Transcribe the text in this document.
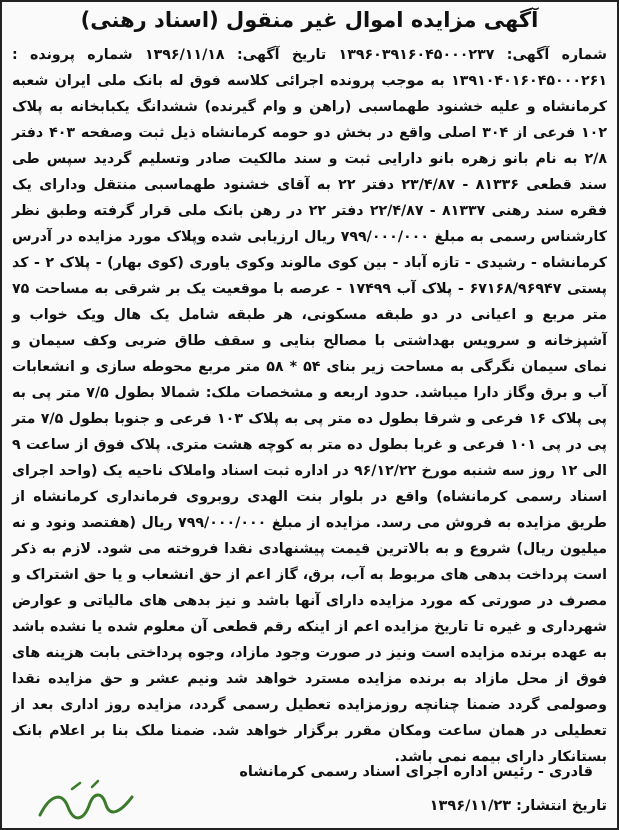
آگهی مزایده اموال غیر منقول (اسناد رهنی)
شماره آگهی: ۱۳۹۶۰۳۹۱۶۰۴۵۰۰۰۲۳۷ تاریخ آگهی: ۱۳۹۶/۱۱/۱۸ شماره پرونده : ۱۳۹۱۰۴۰۱۶۰۴۵۰۰۰۲۶۱ به موجب پرونده اجرائی کلاسه فوق له بانک ملی ایران شعبه کرمانشاه و علیه خشنود طهماسبی (راهن و وام گیرنده) ششدانگ یکبابخانه به پلاک ۱۰۲ فرعی از ۳۰۴ اصلی واقع در بخش دو حومه کرمانشاه ذیل ثبت وصفحه ۴۰۳ دفتر ۲/۸ به نام بانو زهره بانو دارایی ثبت و سند مالکیت صادر وتسلیم گردید سپس طی سند قطعی ۸۱۳۳۶ - ۲۳/۴/۸۷ دفتر ۲۲ به آقای خشنود طهماسبی منتقل ودارای یک فقره سند رهنی ۸۱۳۳۷ - ۲۲/۴/۸۷ دفتر ۲۲ در رهن بانک ملی قرار گرفته وطبق نظر کارشناس رسمی به مبلغ ۷۹۹/۰۰۰/۰۰۰ ریال ارزیابی شده وپلاک مورد مزایده در آدرس کرمانشاه - رشیدی - تازه آباد - بین کوی مالوند وکوی یاوری (کوی بهار) - پلاک ۲ - کد پستی ۶۷۱۶۸/۹۶۹۴۷ - پلاک آب ۱۷۴۹۹ - عرصه با موقعیت یک بر شرقی به مساحت ۷۵ متر مربع و اعیانی در دو طبقه مسکونی، هر طبقه شامل یک هال ویک خواب و آشپزخانه و سرویس بهداشتی با مصالح بنایی و سقف طاق ضربی وکف سیمان و نمای سیمان نگرگی به مساحت زیر بنای ۵۴ * ۵۸ متر مربع محوطه سازی و انشعابات آب و برق وگاز دارا میباشد. حدود اربعه و مشخصات ملک: شمالا بطول ۷/۵ متر پی به پی پلاک ۱۶ فرعی و شرقا بطول ده متر پی به پلاک ۱۰۳ فرعی و جنوبا بطول ۷/۵ متر پی در پی ۱۰۱ فرعی و غربا بطول ده متر به کوچه هشت متری. پلاک فوق از ساعت ۹ الی ۱۲ روز سه شنبه مورخ ۹۶/۱۲/۲۲ در اداره ثبت اسناد واملاک ناحیه یک (واحد اجرای اسناد رسمی کرمانشاه) واقع در بلوار بنت الهدی روبروی فرمانداری کرمانشاه از طریق مزایده به فروش می رسد. مزایده از مبلغ ۷۹۹/۰۰۰/۰۰۰ ریال (هفتصد ونود و نه میلیون ریال) شروع و به بالاترین قیمت پیشنهادی نقدا فروخته می شود. لازم به ذکر است پرداخت بدهی های مربوط به آب، برق، گاز اعم از حق انشعاب و یا حق اشتراک و مصرف در صورتی که مورد مزایده دارای آنها باشد و نیز بدهی های مالیاتی و عوارض شهرداری و غیره تا تاریخ مزایده اعم از اینکه رقم قطعی آن معلوم شده یا نشده باشد به عهده برنده مزایده است ونیز در صورت وجود مازاد، وجوه پرداختی بابت هزینه های فوق از محل مازاد به برنده مزایده مسترد خواهد شد ونیم عشر و حق مزایده نقدا وصولمی گردد ضمنا چنانچه روزمزایده تعطیل رسمی گردد، مزایده روز اداری بعد از تعطیلی در همان ساعت ومکان مقرر برگزار خواهد شد. ضمنا ملک بنا بر اعلام بانک بستانکار دارای بیمه نمی باشد.
قادری - رئیس اداره اجرای اسناد رسمی کرمانشاه
تاریخ انتشار: ۱۳۹۶/۱۱/۲۳
